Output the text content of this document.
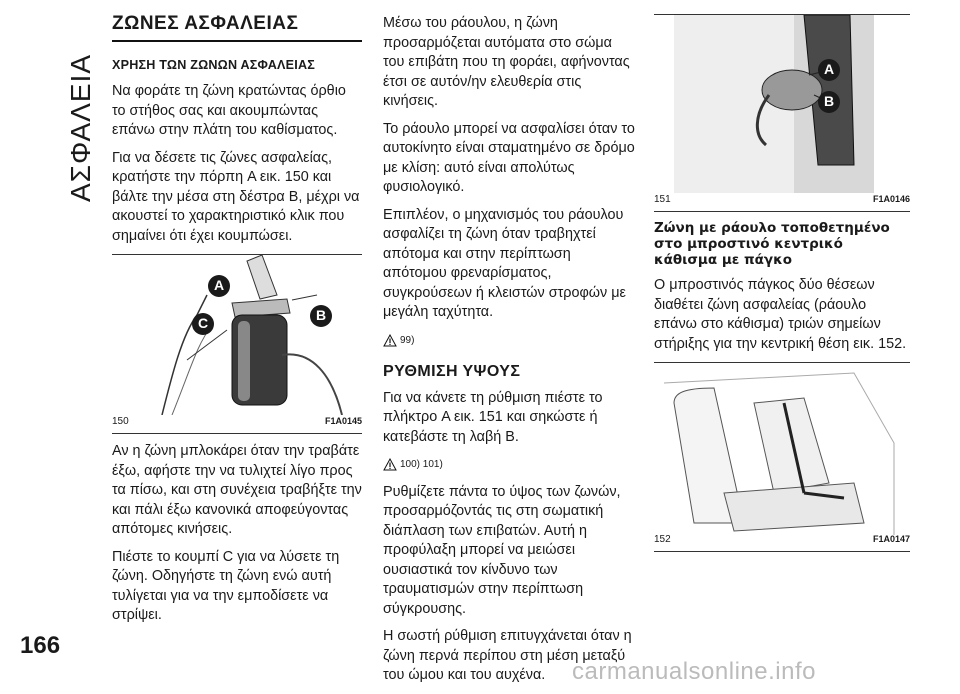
ΑΣΦΑΛΕΙΑ
ΖΩΝΕΣ ΑΣΦΑΛΕΙΑΣ
ΧΡΗΣΗ ΤΩΝ ΖΩΝΩΝ ΑΣΦΑΛΕΙΑΣ

Να φοράτε τη ζώνη κρατώντας όρθιο το στήθος σας και ακουμπώντας επάνω στην πλάτη του καθίσματος.

Για να δέσετε τις ζώνες ασφαλείας, κρατήστε την πόρπη A εικ. 150 και βάλτε την μέσα στη δέστρα B, μέχρι να ακουστεί το χαρακτηριστικό κλικ που σημαίνει ότι έχει κουμπώσει.

A
B
C
150	F1A0145

Αν η ζώνη μπλοκάρει όταν την τραβάτε έξω, αφήστε την να τυλιχτεί λίγο προς τα πίσω, και στη συνέχεια τραβήξτε την και πάλι έξω κανονικά αποφεύγοντας απότομες κινήσεις.

Πιέστε το κουμπί C για να λύσετε τη ζώνη. Οδηγήστε τη ζώνη ενώ αυτή τυλίγεται για να την εμποδίσετε να στρίψει.

Μέσω του ράουλου, η ζώνη προσαρμόζεται αυτόματα στο σώμα του επιβάτη που τη φοράει, αφήνοντας έτσι σε αυτόν/ην ελευθερία στις κινήσεις.

Το ράουλο μπορεί να ασφαλίσει όταν το αυτοκίνητο είναι σταματημένο σε δρόμο με κλίση: αυτό είναι απολύτως φυσιολογικό.

Επιπλέον, ο μηχανισμός του ράουλου ασφαλίζει τη ζώνη όταν τραβηχτεί απότομα και στην περίπτωση απότομου φρεναρίσματος, συγκρούσεων ή κλειστών στροφών με μεγάλη ταχύτητα.

99)
ΡΥΘΜΙΣΗ ΥΨΟΥΣ

Για να κάνετε τη ρύθμιση πιέστε το πλήκτρο A εικ. 151 και σηκώστε ή κατεβάστε τη λαβή B.

100) 101)

Ρυθμίζετε πάντα το ύψος των ζωνών, προσαρμόζοντάς τις στη σωματική διάπλαση των επιβατών. Αυτή η προφύλαξη μπορεί να μειώσει ουσιαστικά τον κίνδυνο των τραυματισμών στην περίπτωση σύγκρουσης.

Η σωστή ρύθμιση επιτυγχάνεται όταν η ζώνη περνά περίπου στη μέση μεταξύ του ώμου και του αυχένα.

A
B
151	F1A0146
Ζώνη με ράουλο τοποθετημένο στο μπροστινό κεντρικό κάθισμα με πάγκο

Ο μπροστινός πάγκος δύο θέσεων διαθέτει ζώνη ασφαλείας (ράουλο επάνω στο κάθισμα) τριών σημείων στήριξης για την κεντρική θέση εικ. 152.

152	F1A0147
166
carmanualsonline.info
